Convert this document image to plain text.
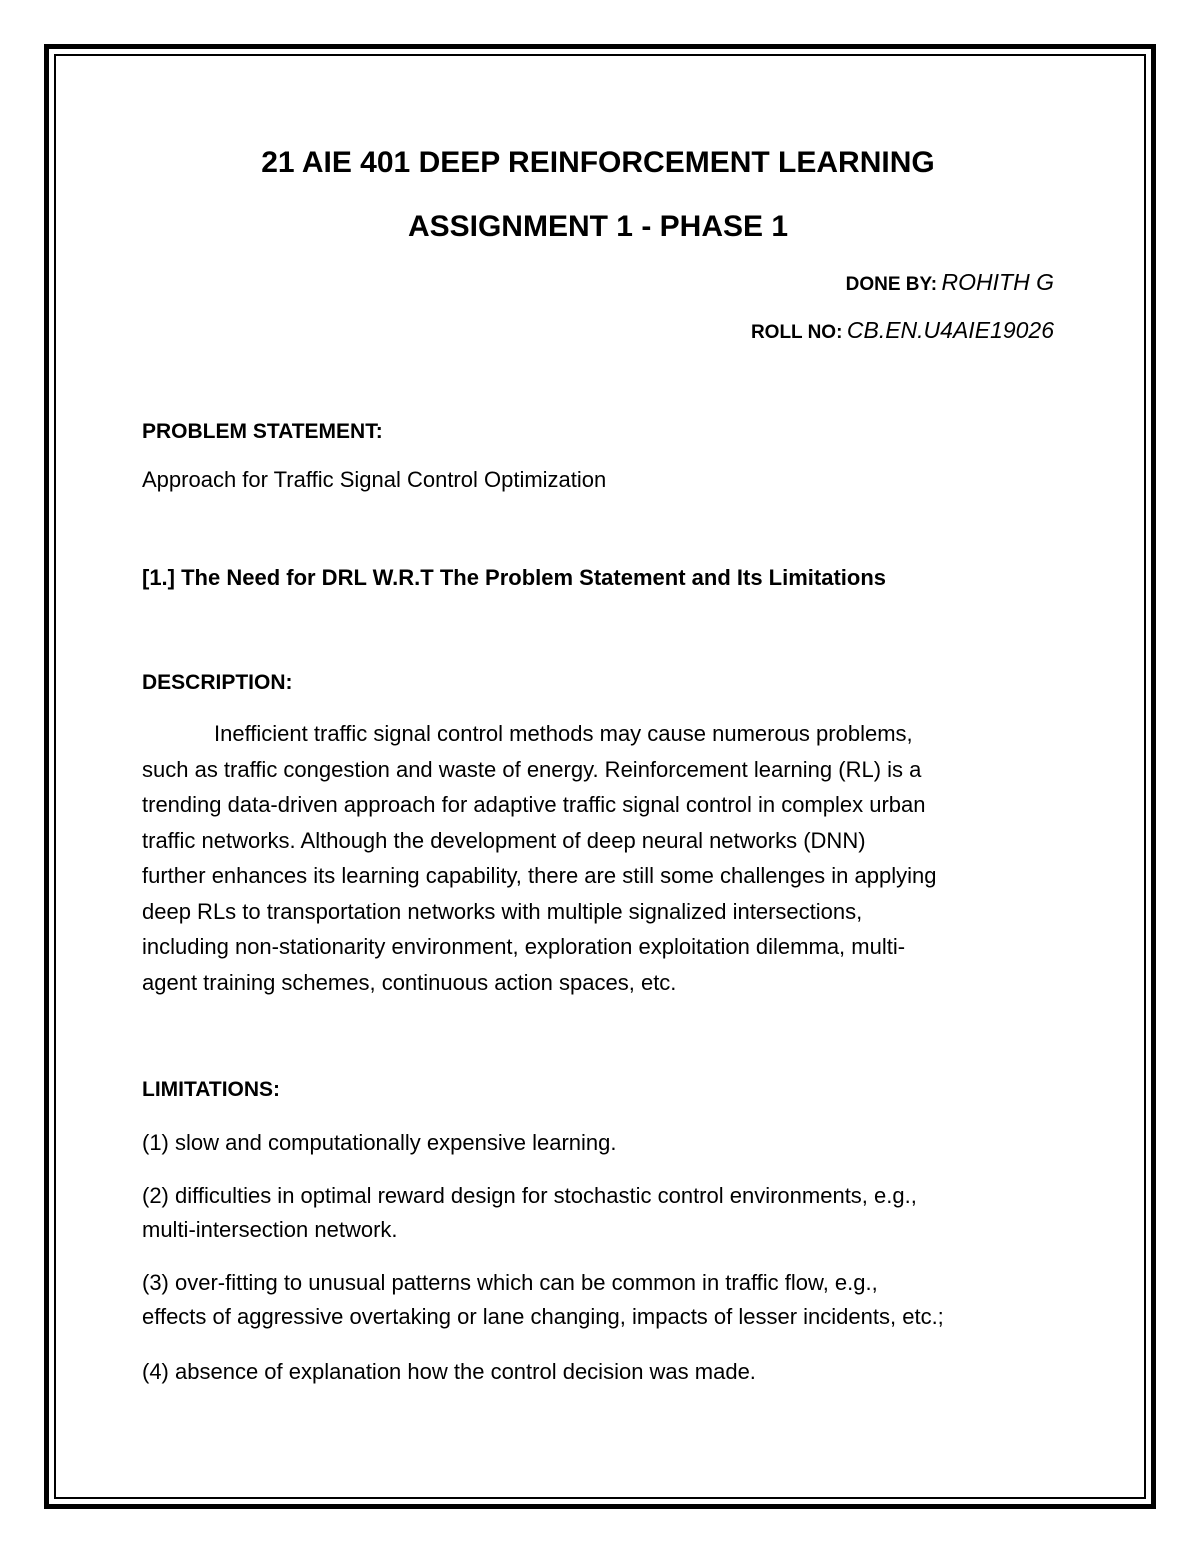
21 AIE 401 DEEP REINFORCEMENT LEARNING
ASSIGNMENT 1 - PHASE 1
DONE BY: ROHITH G
ROLL NO: CB.EN.U4AIE19026
PROBLEM STATEMENT:
Approach for Traffic Signal Control Optimization
[1.] The Need for DRL W.R.T The Problem Statement and Its Limitations
DESCRIPTION:
Inefficient traffic signal control methods may cause numerous problems,
such as traffic congestion and waste of energy. Reinforcement learning (RL) is a
trending data-driven approach for adaptive traffic signal control in complex urban
traffic networks. Although the development of deep neural networks (DNN)
further enhances its learning capability, there are still some challenges in applying
deep RLs to transportation networks with multiple signalized intersections,
including non-stationarity environment, exploration exploitation dilemma, multi-
agent training schemes, continuous action spaces, etc.
LIMITATIONS:
(1) slow and computationally expensive learning.
(2) difficulties in optimal reward design for stochastic control environments, e.g.,
multi-intersection network.
(3) over-fitting to unusual patterns which can be common in traffic flow, e.g.,
effects of aggressive overtaking or lane changing, impacts of lesser incidents, etc.;
(4) absence of explanation how the control decision was made.
